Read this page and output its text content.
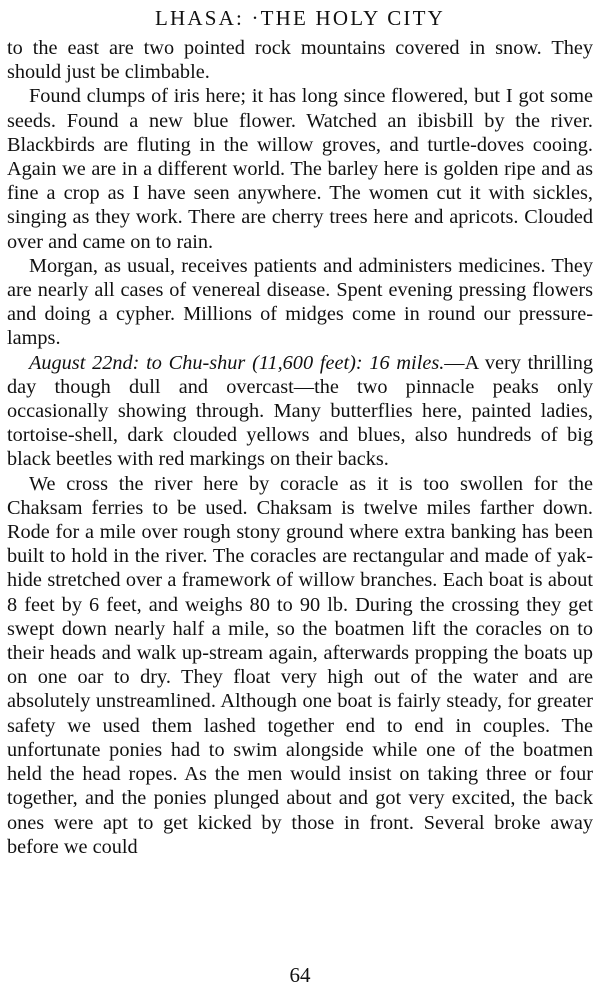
LHASA: ·THE HOLY CITY

to the east are two pointed rock mountains covered in snow. They should just be climbable.

Found clumps of iris here; it has long since flowered, but I got some seeds. Found a new blue flower. Watched an ibisbill by the river. Blackbirds are fluting in the willow groves, and turtle-doves cooing. Again we are in a different world. The barley here is golden ripe and as fine a crop as I have seen anywhere. The women cut it with sickles, singing as they work. There are cherry trees here and apricots. Clouded over and came on to rain.

Morgan, as usual, receives patients and administers medicines. They are nearly all cases of venereal disease. Spent evening pressing flowers and doing a cypher. Millions of midges come in round our pressure-lamps.

August 22nd: to Chu-shur (11,600 feet): 16 miles.—A very thrilling day though dull and overcast—the two pinnacle peaks only occasionally showing through. Many butterflies here, painted ladies, tortoise-shell, dark clouded yellows and blues, also hundreds of big black beetles with red markings on their backs.

We cross the river here by coracle as it is too swollen for the Chaksam ferries to be used. Chaksam is twelve miles farther down. Rode for a mile over rough stony ground where extra banking has been built to hold in the river. The coracles are rectangular and made of yak-hide stretched over a framework of willow branches. Each boat is about 8 feet by 6 feet, and weighs 80 to 90 lb. During the crossing they get swept down nearly half a mile, so the boatmen lift the coracles on to their heads and walk up-stream again, afterwards propping the boats up on one oar to dry. They float very high out of the water and are absolutely unstreamlined. Although one boat is fairly steady, for greater safety we used them lashed together end to end in couples. The unfortunate ponies had to swim alongside while one of the boatmen held the head ropes. As the men would insist on taking three or four together, and the ponies plunged about and got very excited, the back ones were apt to get kicked by those in front. Several broke away before we could

64
